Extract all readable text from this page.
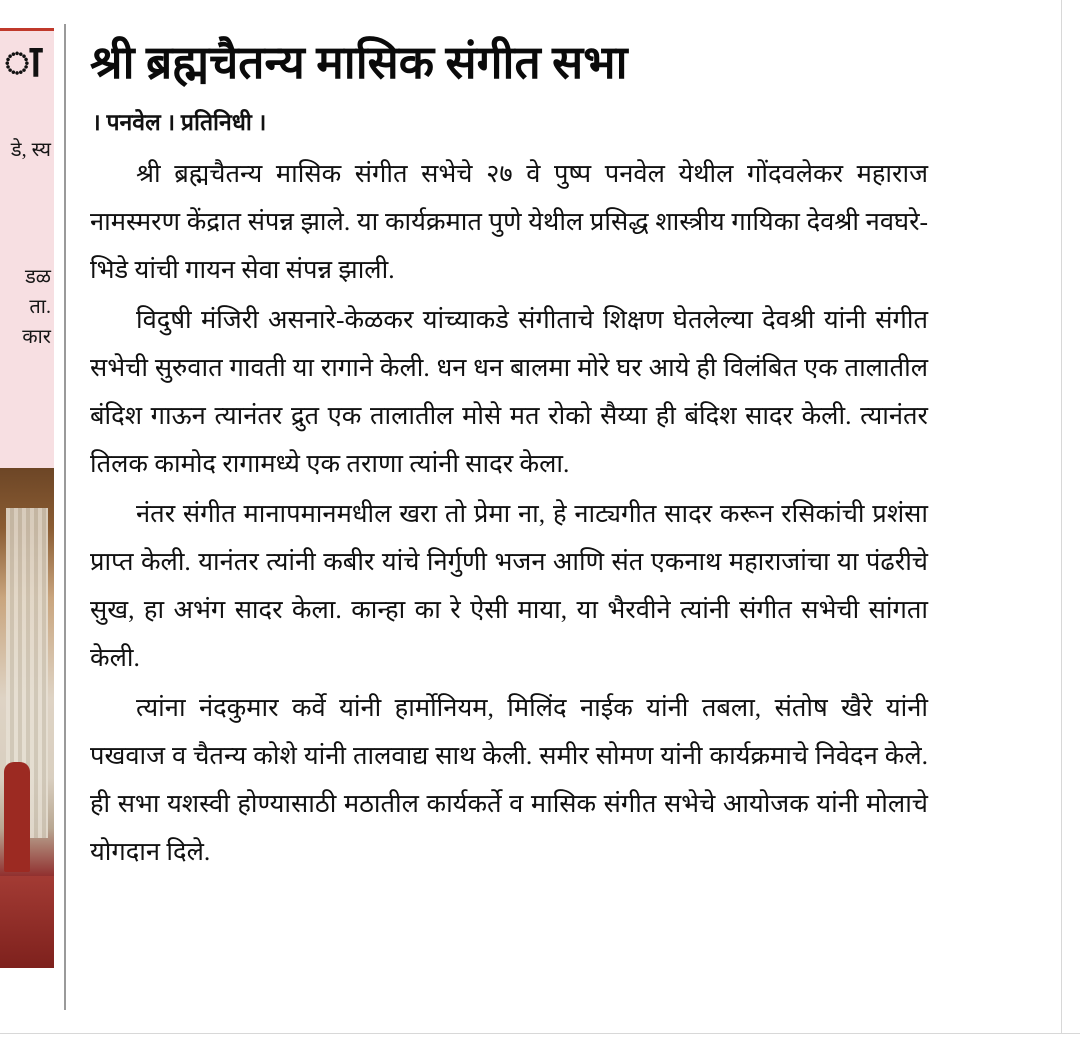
ा
डे, स्य
डळ ता. कार
श्री ब्रह्मचैतन्य मासिक संगीत सभा
। पनवेल । प्रतिनिधी ।

श्री ब्रह्मचैतन्य मासिक संगीत सभेचे २७ वे पुष्प पनवेल येथील गोंदवलेकर महाराज नामस्मरण केंद्रात संपन्न झाले. या कार्यक्रमात पुणे येथील प्रसिद्ध शास्त्रीय गायिका देवश्री नवघरे- भिडे यांची गायन सेवा संपन्न झाली.

विदुषी मंजिरी असनारे-केळकर यांच्याकडे संगीताचे शिक्षण घेतलेल्या देवश्री यांनी संगीत सभेची सुरुवात गावती या रागाने केली. धन धन बालमा मोरे घर आये ही विलंबित एक तालातील बंदिश गाऊन त्यानंतर द्रुत एक तालातील मोसे मत रोको सैय्या ही बंदिश सादर केली. त्यानंतर तिलक कामोद रागामध्ये एक तराणा त्यांनी सादर केला.

नंतर संगीत मानापमानमधील खरा तो प्रेमा ना, हे नाट्यगीत सादर करून रसिकांची प्रशंसा प्राप्त केली. यानंतर त्यांनी कबीर यांचे निर्गुणी भजन आणि संत एकनाथ महाराजांचा या पंढरीचे सुख, हा अभंग सादर केला. कान्हा का रे ऐसी माया, या भैरवीने त्यांनी संगीत सभेची सांगता केली.

त्यांना नंदकुमार कर्वे यांनी हार्मोनियम, मिलिंद नाईक यांनी तबला, संतोष खैरे यांनी पखवाज व चैतन्य कोशे यांनी तालवाद्य साथ केली. समीर सोमण यांनी कार्यक्रमाचे निवेदन केले. ही सभा यशस्वी होण्यासाठी मठातील कार्यकर्ते व मासिक संगीत सभेचे आयोजक यांनी मोलाचे योगदान दिले.
